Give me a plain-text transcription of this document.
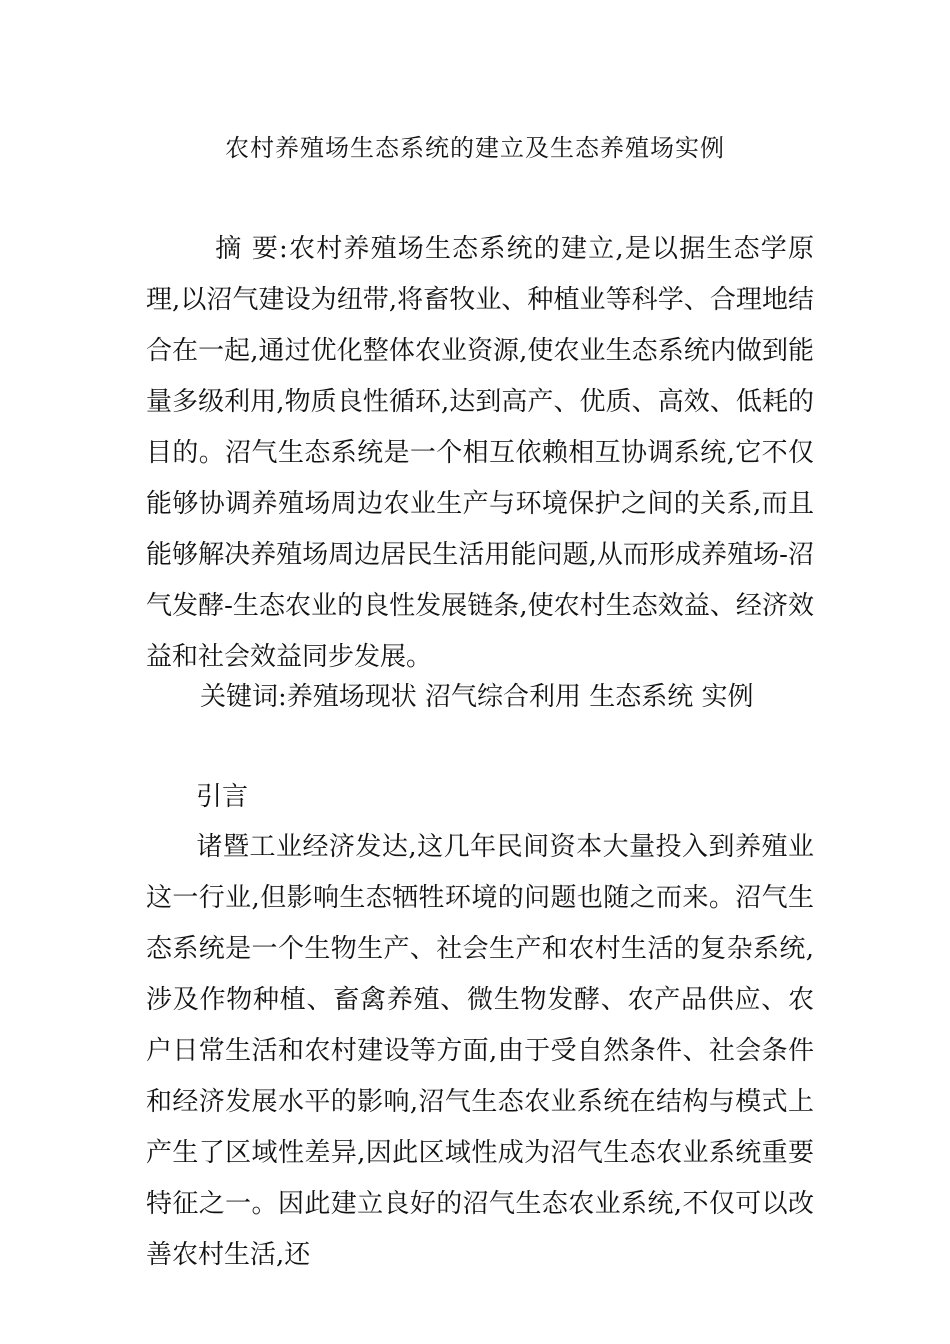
农村养殖场生态系统的建立及生态养殖场实例
摘 要:农村养殖场生态系统的建立,是以据生态学原理,以沼气建设为纽带,将畜牧业、种植业等科学、合理地结合在一起,通过优化整体农业资源,使农业生态系统内做到能量多级利用,物质良性循环,达到高产、优质、高效、低耗的目的。沼气生态系统是一个相互依赖相互协调系统,它不仅能够协调养殖场周边农业生产与环境保护之间的关系,而且能够解决养殖场周边居民生活用能问题,从而形成养殖场-沼气发酵-生态农业的良性发展链条,使农村生态效益、经济效益和社会效益同步发展。
关键词:养殖场现状 沼气综合利用 生态系统 实例
引言
诸暨工业经济发达,这几年民间资本大量投入到养殖业这一行业,但影响生态牺牲环境的问题也随之而来。沼气生态系统是一个生物生产、社会生产和农村生活的复杂系统,涉及作物种植、畜禽养殖、微生物发酵、农产品供应、农户日常生活和农村建设等方面,由于受自然条件、社会条件和经济发展水平的影响,沼气生态农业系统在结构与模式上产生了区域性差异,因此区域性成为沼气生态农业系统重要特征之一。因此建立良好的沼气生态农业系统,不仅可以改善农村生活,还
